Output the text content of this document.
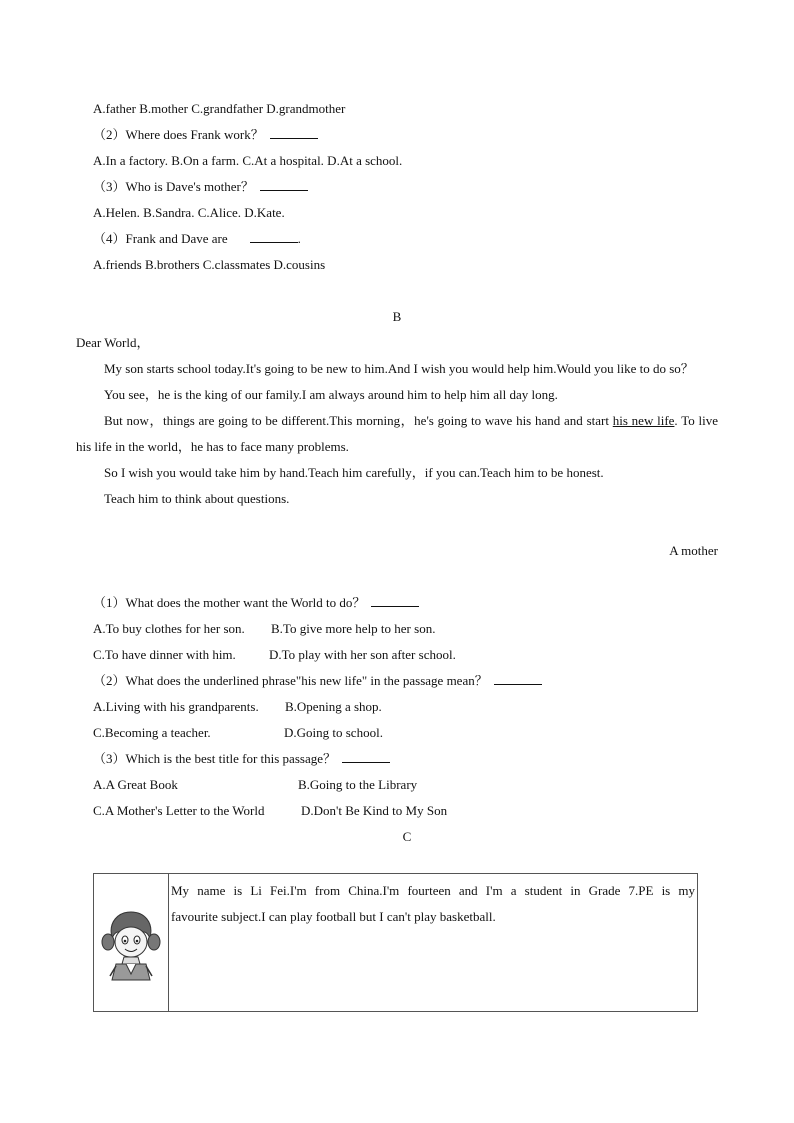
A.father B.mother C.grandfather D.grandmother
（2）Where does Frank work？
A.In a factory. B.On a farm. C.At a hospital. D.At a school.
（3）Who is Dave's mother？
A.Helen. B.Sandra. C.Alice. D.Kate.
（4）Frank and Dave are	.
A.friends B.brothers C.classmates D.cousins
B
Dear World，
My son starts school today.It's going to be new to him.And I wish you would help him.Would you like to do so？
You see，he is the king of our family.I am always around him to help him all day long.
But now，things are going to be different.This morning，he's going to wave his hand and start his new life. To live his life in the world，he has to face many problems.
So I wish you would take him by hand.Teach him carefully，if you can.Teach him to be honest.
Teach him to think about questions.
A mother
（1）What does the mother want the World to do？
A.To buy clothes for her son. B.To give more help to her son.
C.To have dinner with him.	D.To play with her son after school.
（2）What does the underlined phrase"his new life" in the passage mean？
A.Living with his grandparents. B.Opening a shop.
C.Becoming a teacher.	D.Going to school.
（3）Which is the best title for this passage？
A.A Great Book	B.Going to the Library
C.A Mother's Letter to the World	D.Don't Be Kind to My Son
C
My name is Li Fei.I'm from China.I'm fourteen and I'm a student in Grade 7.PE is my
favourite subject.I can play football but I can't play basketball.
